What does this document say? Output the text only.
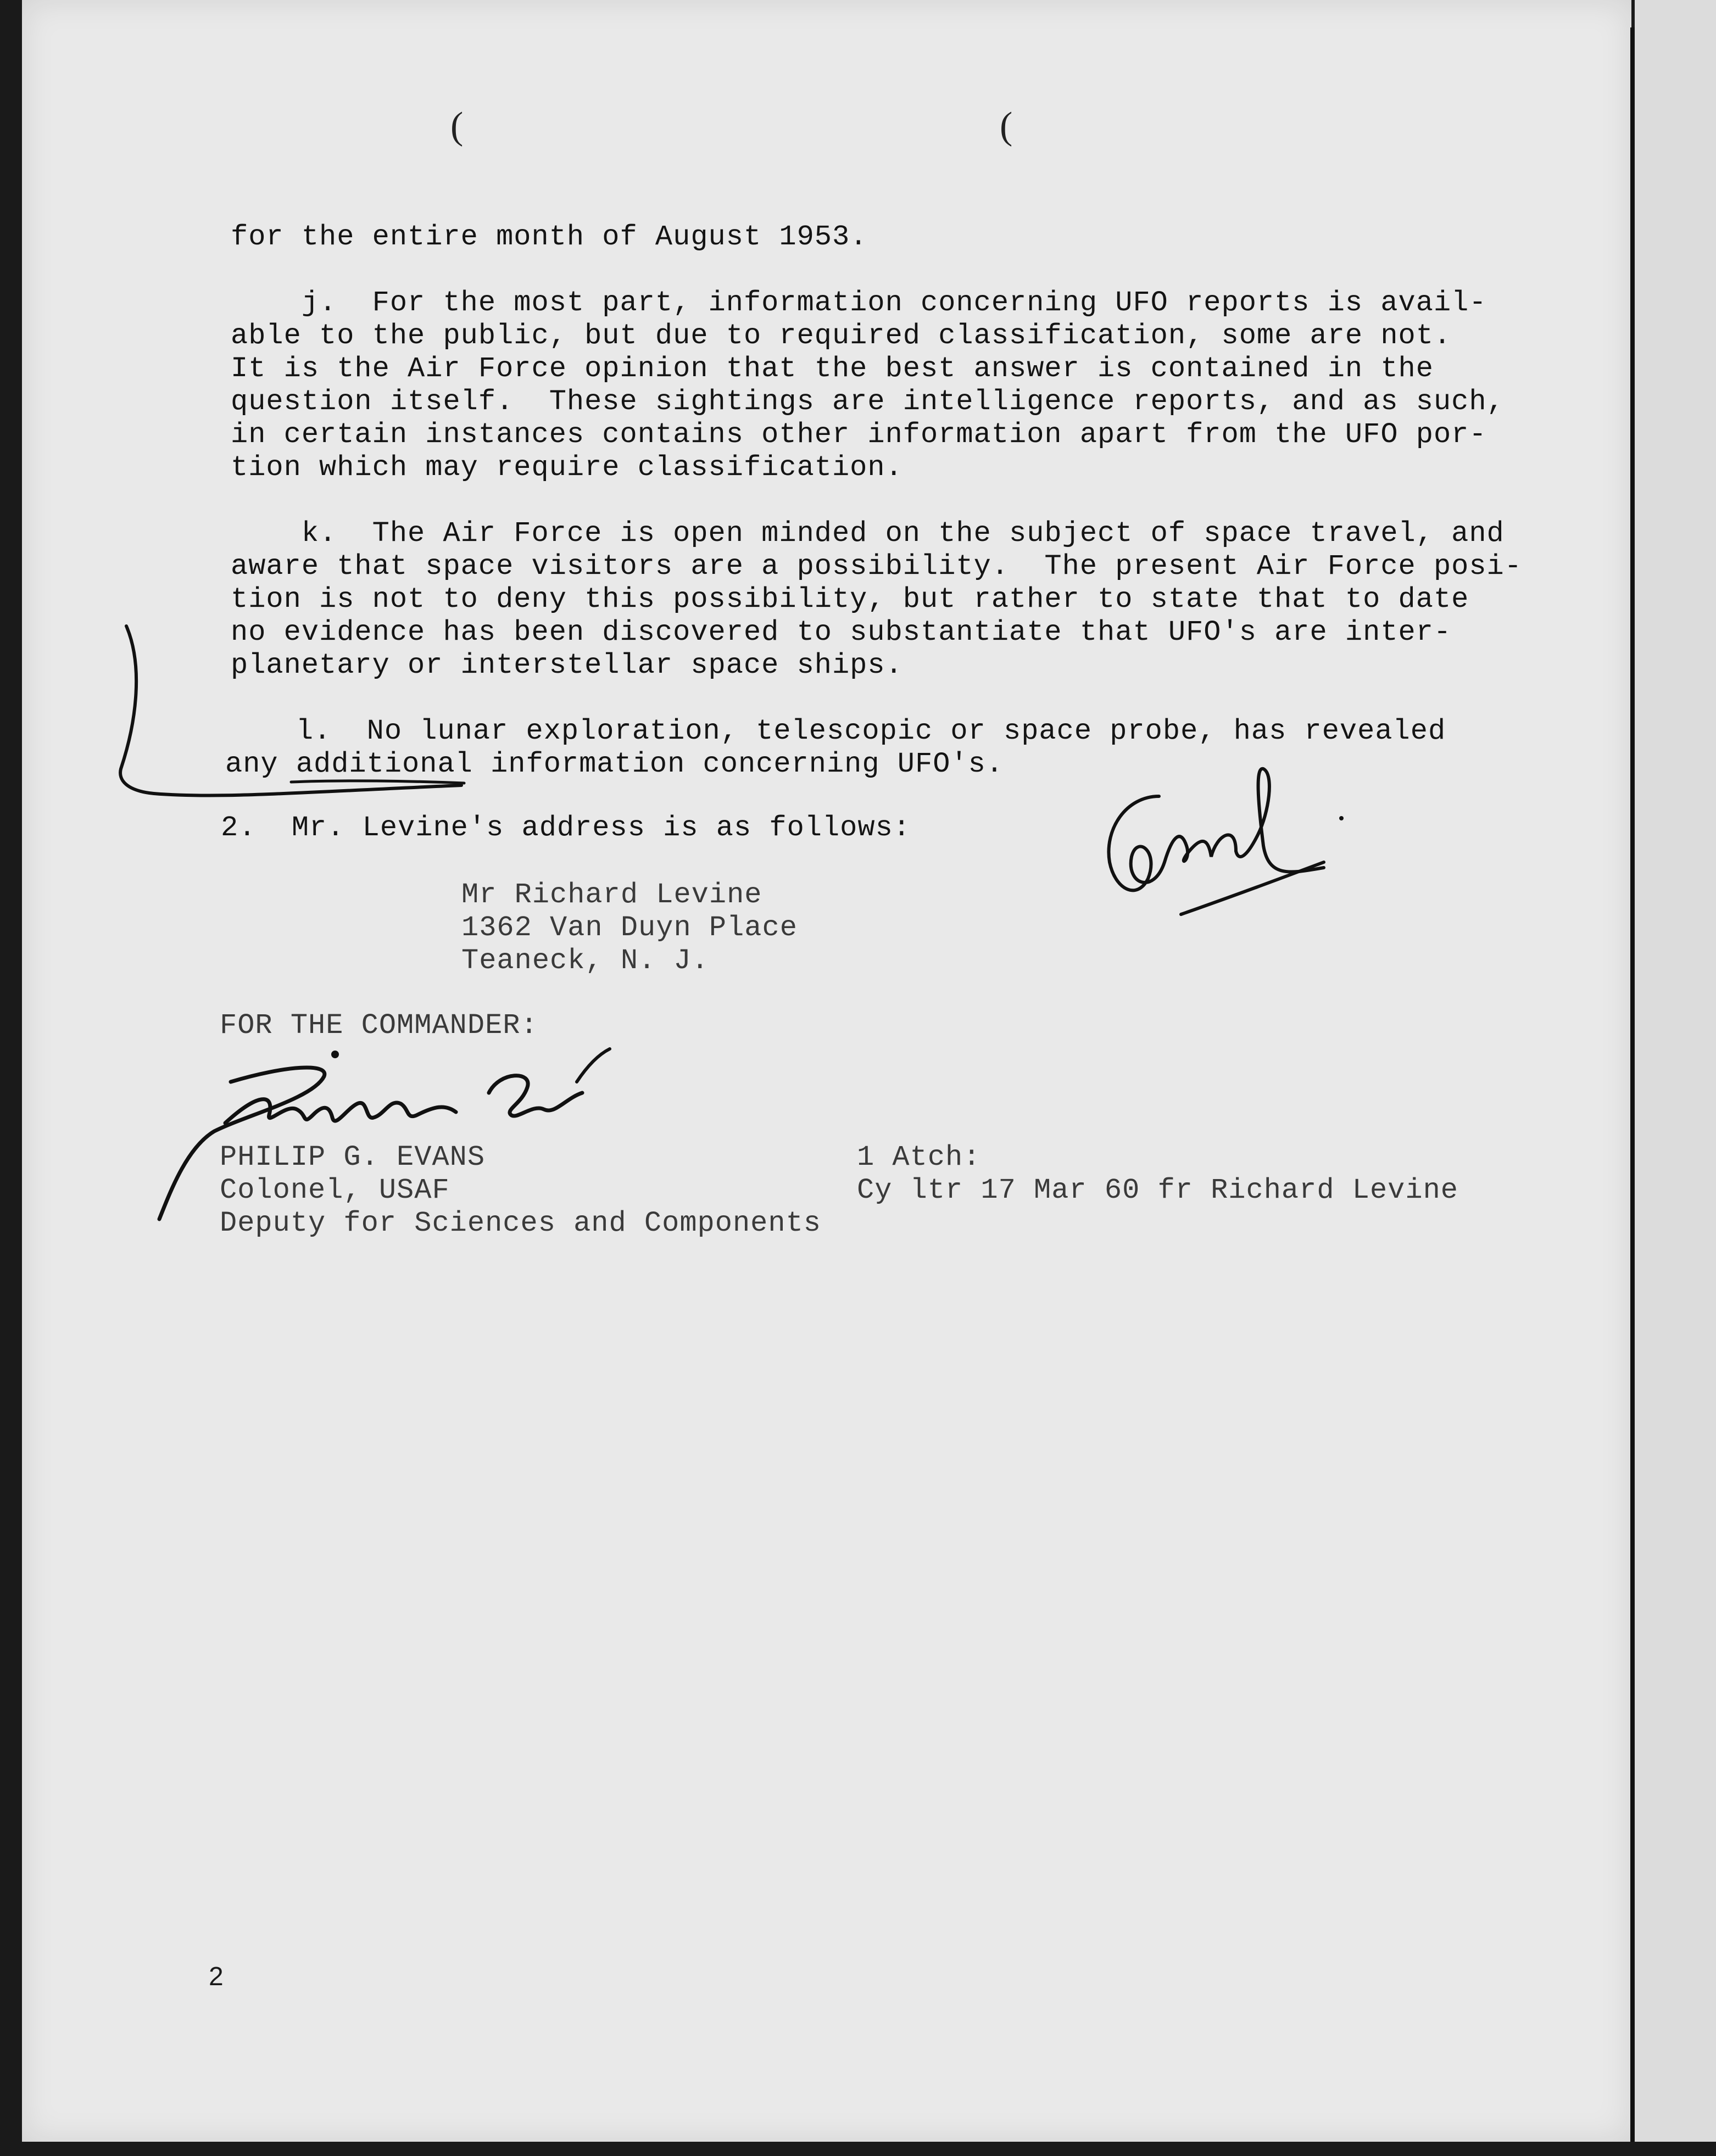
(	(
for the entire month of August 1953.
j.  For the most part, information concerning UFO reports is avail-
able to the public, but due to required classification, some are not.
It is the Air Force opinion that the best answer is contained in the
question itself.  These sightings are intelligence reports, and as such,
in certain instances contains other information apart from the UFO por-
tion which may require classification.
k.  The Air Force is open minded on the subject of space travel, and
aware that space visitors are a possibility.  The present Air Force posi-
tion is not to deny this possibility, but rather to state that to date
no evidence has been discovered to substantiate that UFO's are inter-
planetary or interstellar space ships.
l.  No lunar exploration, telescopic or space probe, has revealed
any additional information concerning UFO's.
2.  Mr. Levine's address is as follows:
Mr Richard Levine
1362 Van Duyn Place
Teaneck, N. J.
FOR THE COMMANDER:
PHILIP G. EVANS
Colonel, USAF
Deputy for Sciences and Components
1 Atch:
Cy ltr 17 Mar 60 fr Richard Levine
2
